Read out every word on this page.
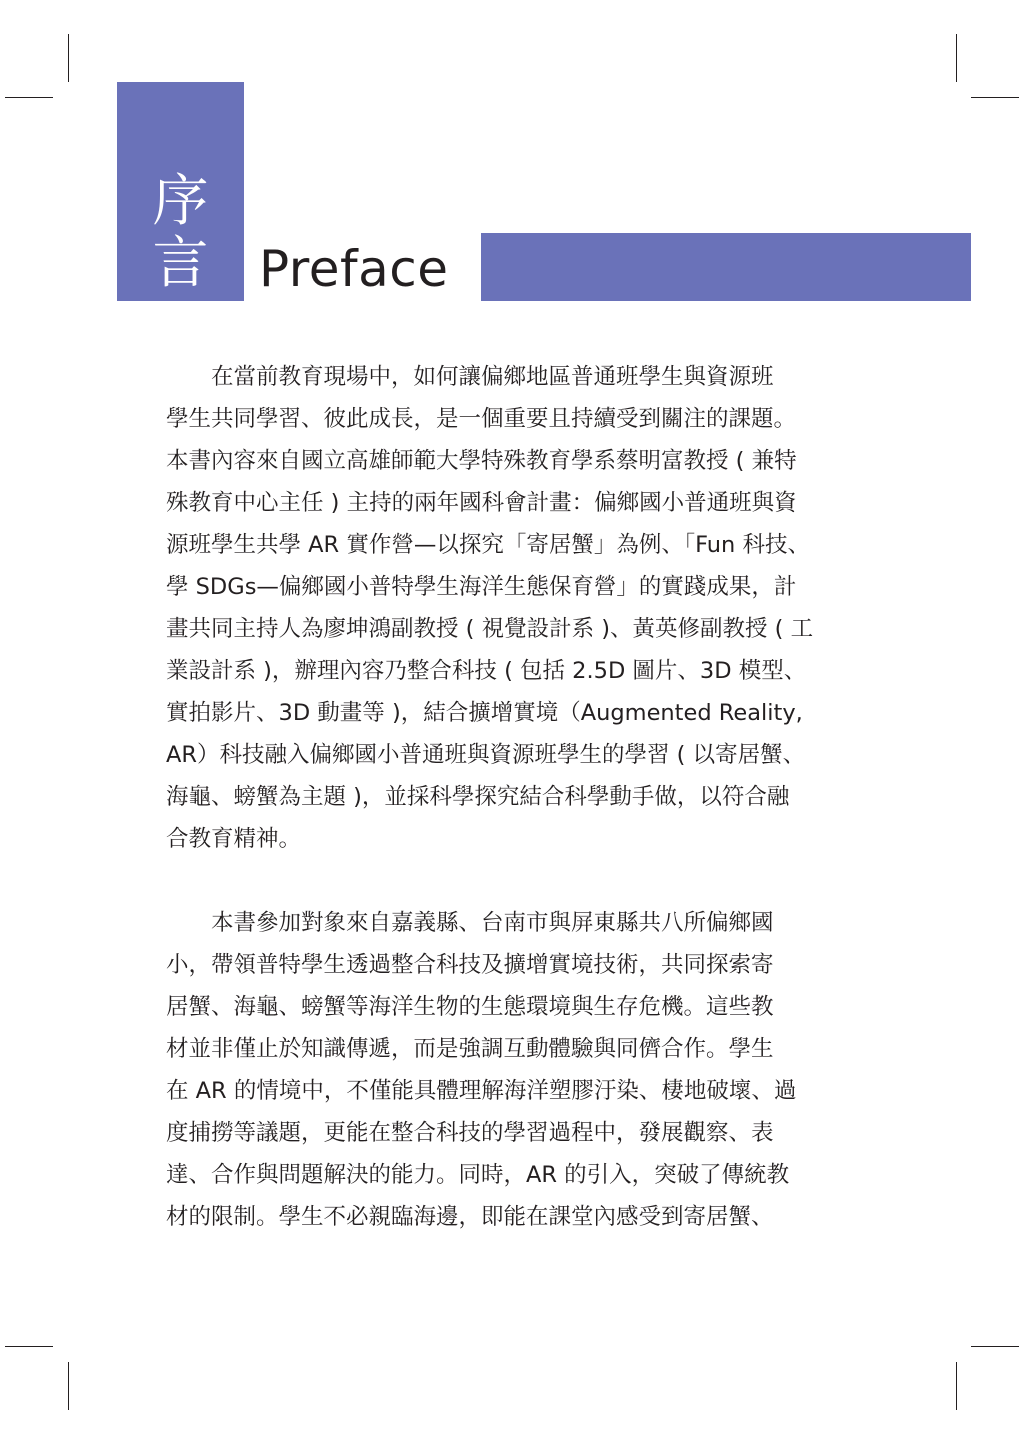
序
言	Preface
　　在當前教育現場中，如何讓偏鄉地區普通班學生與資源班
學生共同學習、彼此成長，是一個重要且持續受到關注的課題。
本書內容來自國立高雄師範大學特殊教育學系蔡明富教授 ( 兼特
殊教育中心主任 ) 主持的兩年國科會計畫：偏鄉國小普通班與資
源班學生共學 AR 實作營—以探究「寄居蟹」為例、「Fun 科技、
學 SDGs—偏鄉國小普特學生海洋生態保育營」的實踐成果，計
畫共同主持人為廖坤鴻副教授 ( 視覺設計系 )、黃英修副教授 ( 工
業設計系 )，辦理內容乃整合科技 ( 包括 2.5D 圖片、3D 模型、
實拍影片、3D 動畫等 )，結合擴增實境（Augmented Reality,
AR）科技融入偏鄉國小普通班與資源班學生的學習 ( 以寄居蟹、
海龜、螃蟹為主題 )，並採科學探究結合科學動手做，以符合融
合教育精神。
　　本書參加對象來自嘉義縣、台南市與屏東縣共八所偏鄉國
小，帶領普特學生透過整合科技及擴增實境技術，共同探索寄
居蟹、海龜、螃蟹等海洋生物的生態環境與生存危機。這些教
材並非僅止於知識傳遞，而是強調互動體驗與同儕合作。學生
在 AR 的情境中，不僅能具體理解海洋塑膠汙染、棲地破壞、過
度捕撈等議題，更能在整合科技的學習過程中，發展觀察、表
達、合作與問題解決的能力。同時，AR 的引入，突破了傳統教
材的限制。學生不必親臨海邊，即能在課堂內感受到寄居蟹、
